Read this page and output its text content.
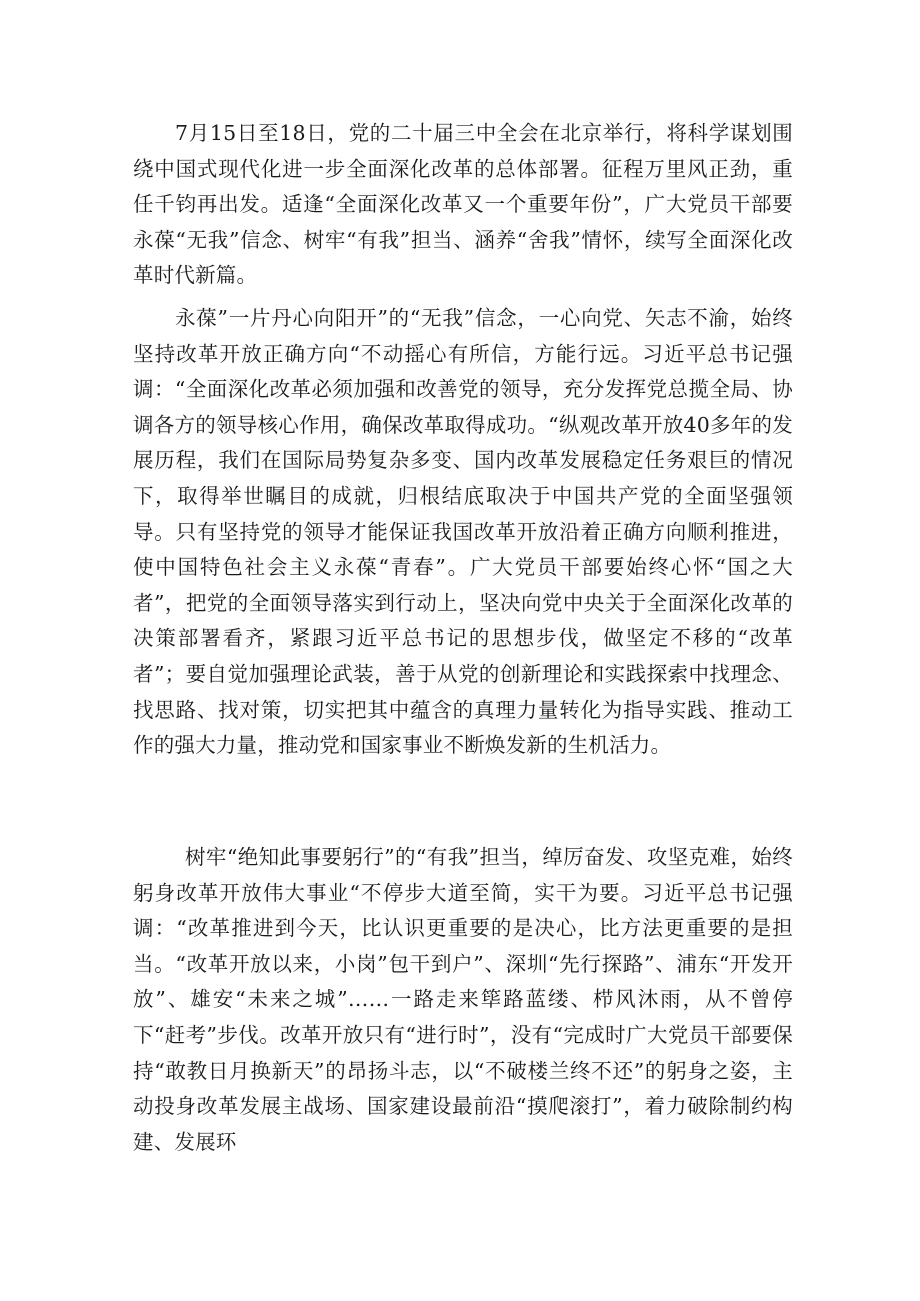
7月15日至18日，党的二十届三中全会在北京举行，将科学谋划围绕中国式现代化进一步全面深化改革的总体部署。征程万里风正劲，重任千钧再出发。适逢“全面深化改革又一个重要年份”，广大党员干部要永葆“无我”信念、树牢“有我”担当、涵养“舍我”情怀，续写全面深化改革时代新篇。

永葆”一片丹心向阳开”的“无我”信念，一心向党、矢志不渝，始终坚持改革开放正确方向“不动摇心有所信，方能行远。习近平总书记强调：“全面深化改革必须加强和改善党的领导，充分发挥党总揽全局、协调各方的领导核心作用，确保改革取得成功。“纵观改革开放40多年的发展历程，我们在国际局势复杂多变、国内改革发展稳定任务艰巨的情况下，取得举世瞩目的成就，归根结底取决于中国共产党的全面坚强领导。只有坚持党的领导才能保证我国改革开放沿着正确方向顺利推进，使中国特色社会主义永葆“青春”。广大党员干部要始终心怀“国之大者”，把党的全面领导落实到行动上，坚决向党中央关于全面深化改革的决策部署看齐，紧跟习近平总书记的思想步伐，做坚定不移的“改革者”；要自觉加强理论武装，善于从党的创新理论和实践探索中找理念、找思路、找对策，切实把其中蕴含的真理力量转化为指导实践、推动工作的强大力量，推动党和国家事业不断焕发新的生机活力。

树牢“绝知此事要躬行”的“有我”担当，绰厉奋发、攻坚克难，始终躬身改革开放伟大事业“不停步大道至简，实干为要。习近平总书记强调：“改革推进到今天，比认识更重要的是决心，比方法更重要的是担当。“改革开放以来，小岗”包干到户”、深圳“先行探路”、浦东“开发开放”、雄安“未来之城”……一路走来筚路蓝缕、栉风沐雨，从不曾停下“赶考”步伐。改革开放只有“进行时”，没有“完成时广大党员干部要保持“敢教日月换新天”的昂扬斗志，以“不破楼兰终不还”的躬身之姿，主动投身改革发展主战场、国家建设最前沿“摸爬滚打”，着力破除制约构建、发展环
